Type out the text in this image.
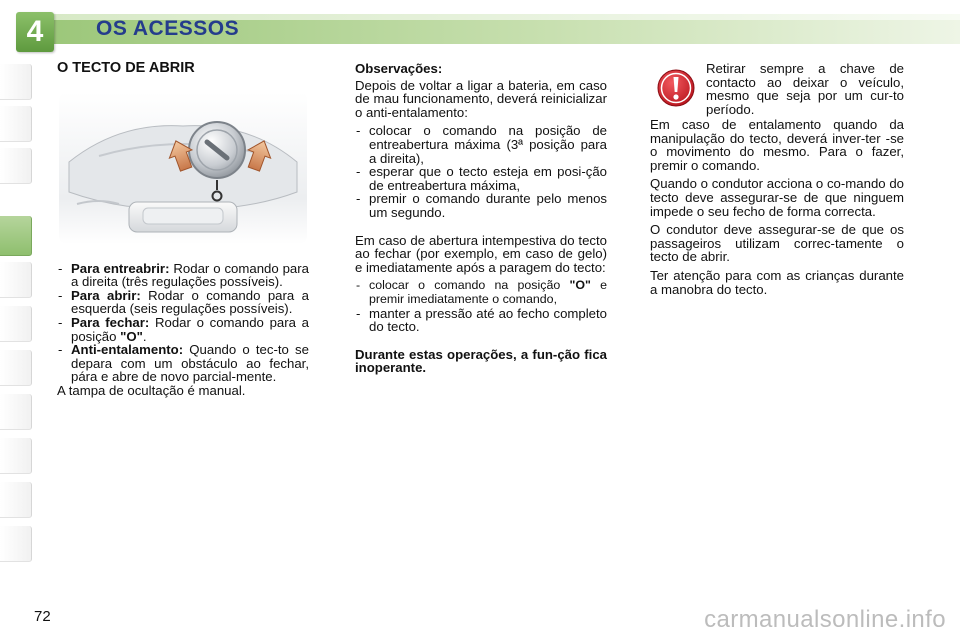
4	OS ACESSOS
O TECTO DE ABRIR
- Para entreabrir: Rodar o comando para a direita (três regulações possíveis).
- Para abrir: Rodar o comando para a esquerda (seis regulações possíveis).
- Para fechar: Rodar o comando para a posição "O".
- Anti-entalamento: Quando o tec-to se depara com um obstáculo ao fechar, pára e abre de novo parcial-mente.

A tampa de ocultação é manual.

Observações:

Depois de voltar a ligar a bateria, em caso de mau funcionamento, deverá reinicializar o anti-entalamento:

- colocar o comando na posição de entreabertura máxima (3ª posição para a direita),
- esperar que o tecto esteja em posi-ção de entreabertura máxima,
- premir o comando durante pelo menos um segundo.

Em caso de abertura intempestiva do tecto ao fechar (por exemplo, em caso de gelo) e imediatamente após a paragem do tecto:

- colocar o comando na posição "O" e premir imediatamente o comando,
- manter a pressão até ao fecho completo do tecto.

Durante estas operações, a fun-ção fica inoperante.

Retirar sempre a chave de contacto ao deixar o veículo, mesmo que seja por um cur-to período.

Em caso de entalamento quando da manipulação do tecto, deverá inver-ter -se o movimento do mesmo. Para o fazer, premir o comando.

Quando o condutor acciona o co-mando do tecto deve assegurar-se de que ninguem impede o seu fecho de forma correcta.

O condutor deve assegurar-se de que os passageiros utilizam correc-tamente o tecto de abrir.

Ter atenção para com as crianças durante a manobra do tecto.

72	carmanualsonline.info
